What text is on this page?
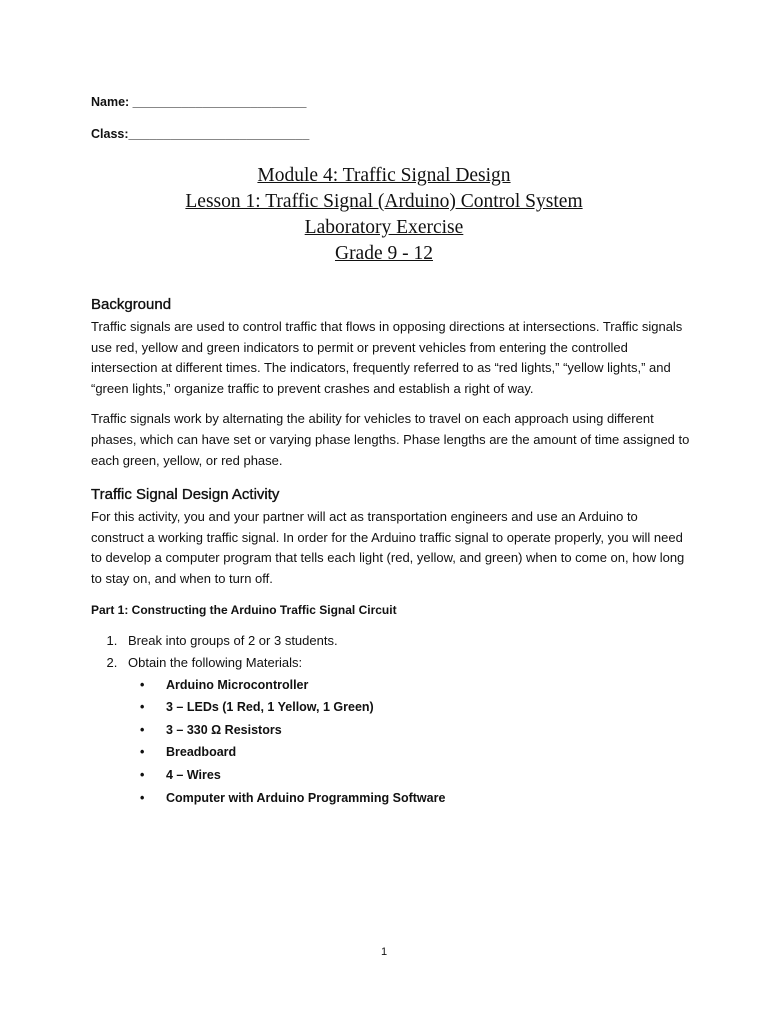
Name: _________________________
Class:__________________________
Module 4: Traffic Signal Design
Lesson 1: Traffic Signal (Arduino) Control System
Laboratory Exercise
Grade 9 - 12
Background

Traffic signals are used to control traffic that flows in opposing directions at intersections. Traffic signals use red, yellow and green indicators to permit or prevent vehicles from entering the controlled intersection at different times. The indicators, frequently referred to as “red lights,” “yellow lights,” and “green lights,” organize traffic to prevent crashes and establish a right of way.

Traffic signals work by alternating the ability for vehicles to travel on each approach using different phases, which can have set or varying phase lengths. Phase lengths are the amount of time assigned to each green, yellow, or red phase.

Traffic Signal Design Activity

For this activity, you and your partner will act as transportation engineers and use an Arduino to construct a working traffic signal. In order for the Arduino traffic signal to operate properly, you will need to develop a computer program that tells each light (red, yellow, and green) when to come on, how long to stay on, and when to turn off.

Part 1: Constructing the Arduino Traffic Signal Circuit
1. Break into groups of 2 or 3 students.
2. Obtain the following Materials:
• Arduino Microcontroller
• 3 – LEDs (1 Red, 1 Yellow, 1 Green)
• 3 – 330 Ω Resistors
• Breadboard
• 4 – Wires
• Computer with Arduino Programming Software
1
